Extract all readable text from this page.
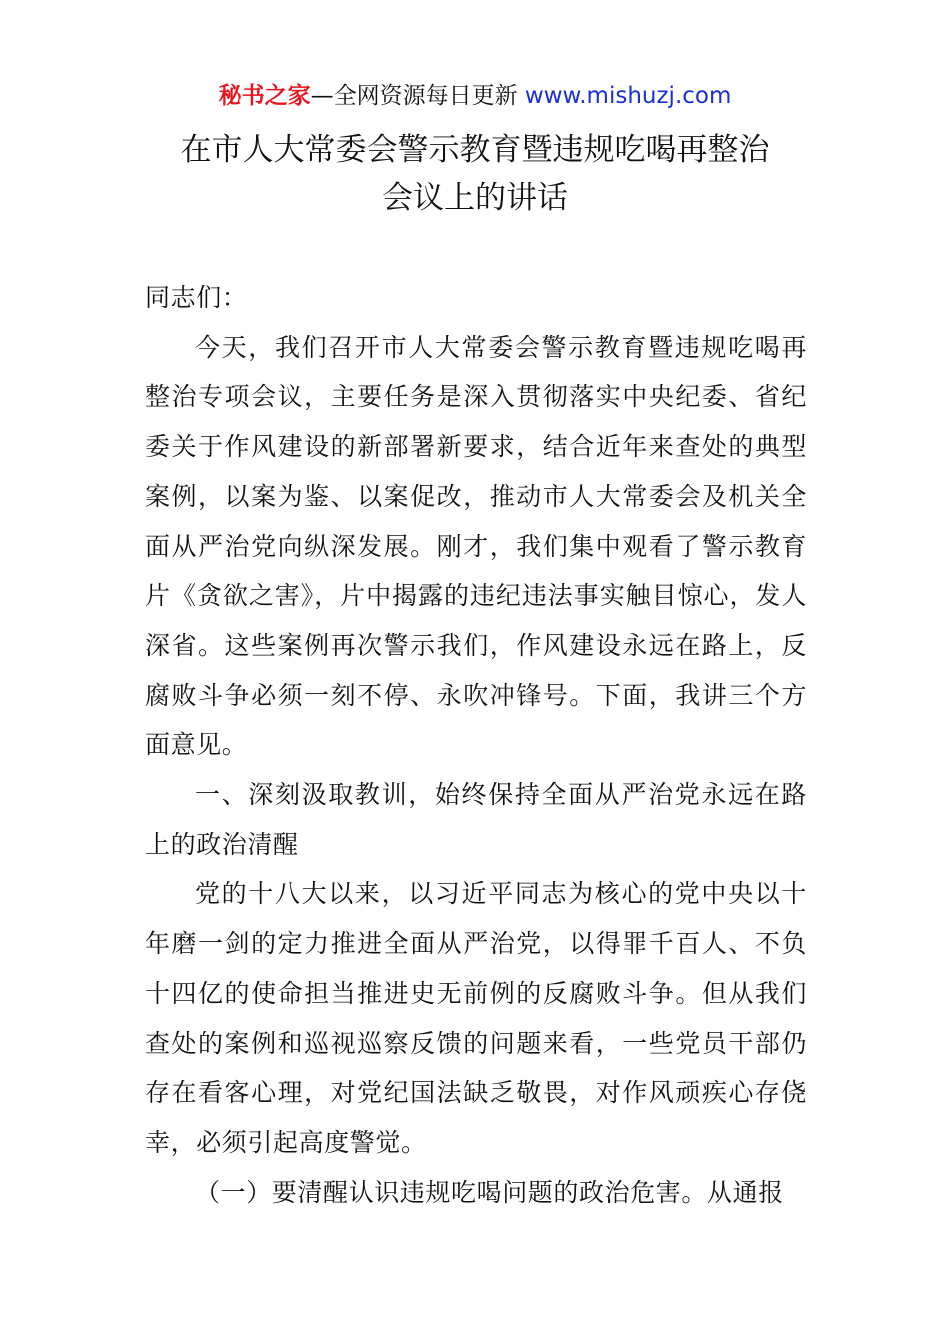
秘书之家—全网资源每日更新 www.mishuzj.com
在市人大常委会警示教育暨违规吃喝再整治
会议上的讲话

同志们：

今天，我们召开市人大常委会警示教育暨违规吃喝再整治专项会议，主要任务是深入贯彻落实中央纪委、省纪委关于作风建设的新部署新要求，结合近年来查处的典型案例，以案为鉴、以案促改，推动市人大常委会及机关全面从严治党向纵深发展。刚才，我们集中观看了警示教育片《贪欲之害》，片中揭露的违纪违法事实触目惊心，发人深省。这些案例再次警示我们，作风建设永远在路上，反腐败斗争必须一刻不停、永吹冲锋号。下面，我讲三个方面意见。

一、深刻汲取教训，始终保持全面从严治党永远在路上的政治清醒

党的十八大以来，以习近平同志为核心的党中央以十年磨一剑的定力推进全面从严治党，以得罪千百人、不负十四亿的使命担当推进史无前例的反腐败斗争。但从我们查处的案例和巡视巡察反馈的问题来看，一些党员干部仍存在看客心理，对党纪国法缺乏敬畏，对作风顽疾心存侥幸，必须引起高度警觉。

（一）要清醒认识违规吃喝问题的政治危害。从通报
